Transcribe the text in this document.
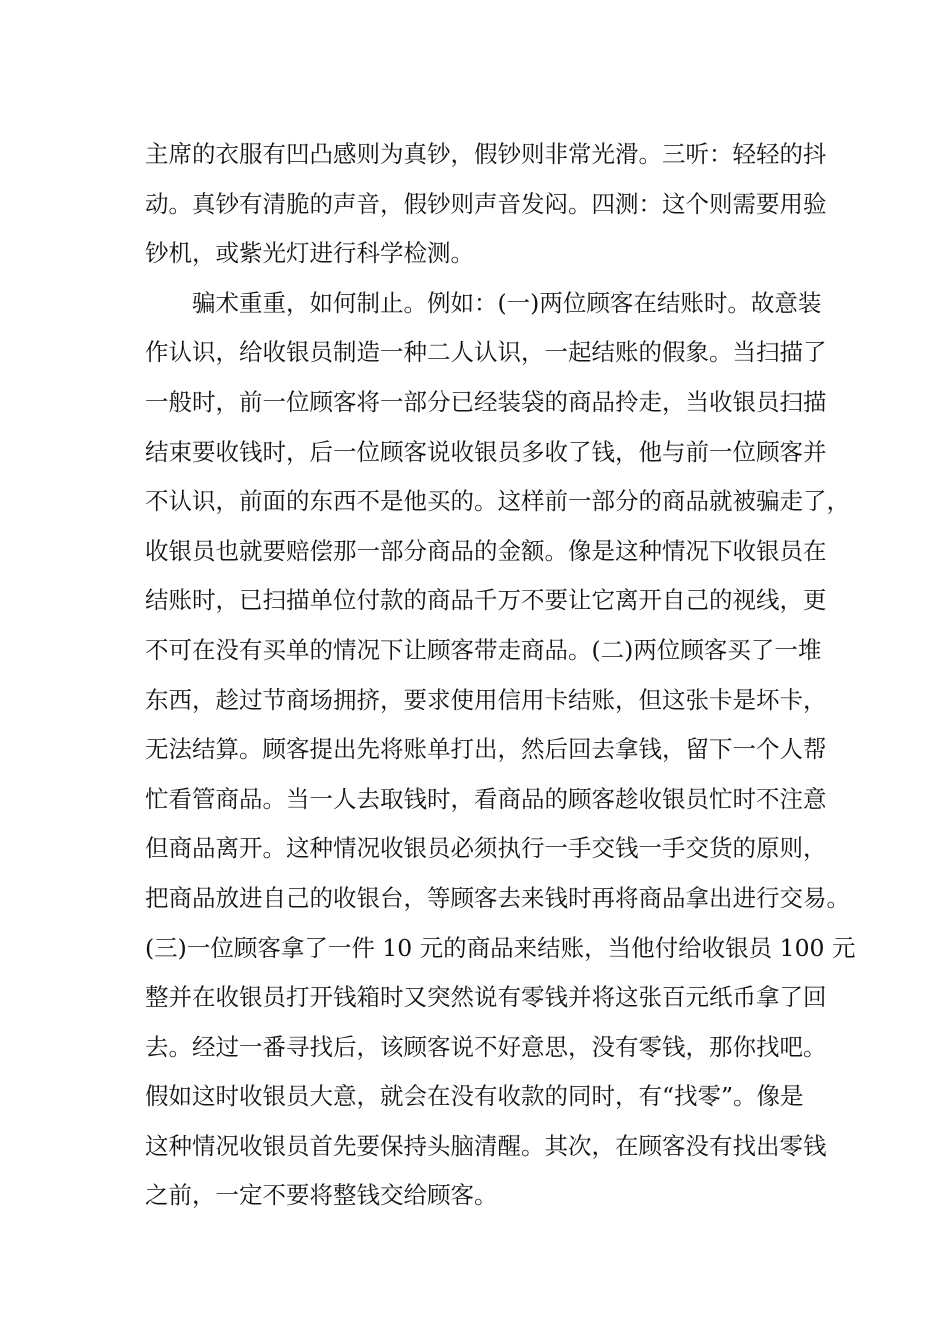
主席的衣服有凹凸感则为真钞，假钞则非常光滑。三听：轻轻的抖
动。真钞有清脆的声音，假钞则声音发闷。四测：这个则需要用验
钞机，或紫光灯进行科学检测。
骗术重重，如何制止。例如：(一)两位顾客在结账时。故意装
作认识，给收银员制造一种二人认识，一起结账的假象。当扫描了
一般时，前一位顾客将一部分已经装袋的商品拎走，当收银员扫描
结束要收钱时，后一位顾客说收银员多收了钱，他与前一位顾客并
不认识，前面的东西不是他买的。这样前一部分的商品就被骗走了，
收银员也就要赔偿那一部分商品的金额。像是这种情况下收银员在
结账时，已扫描单位付款的商品千万不要让它离开自己的视线，更
不可在没有买单的情况下让顾客带走商品。(二)两位顾客买了一堆
东西，趁过节商场拥挤，要求使用信用卡结账，但这张卡是坏卡，
无法结算。顾客提出先将账单打出，然后回去拿钱，留下一个人帮
忙看管商品。当一人去取钱时，看商品的顾客趁收银员忙时不注意
但商品离开。这种情况收银员必须执行一手交钱一手交货的原则，
把商品放进自己的收银台，等顾客去来钱时再将商品拿出进行交易。
(三)一位顾客拿了一件 10 元的商品来结账，当他付给收银员 100 元
整并在收银员打开钱箱时又突然说有零钱并将这张百元纸币拿了回
去。经过一番寻找后，该顾客说不好意思，没有零钱，那你找吧。
假如这时收银员大意，就会在没有收款的同时，有“找零”。像是
这种情况收银员首先要保持头脑清醒。其次，在顾客没有找出零钱
之前，一定不要将整钱交给顾客。
